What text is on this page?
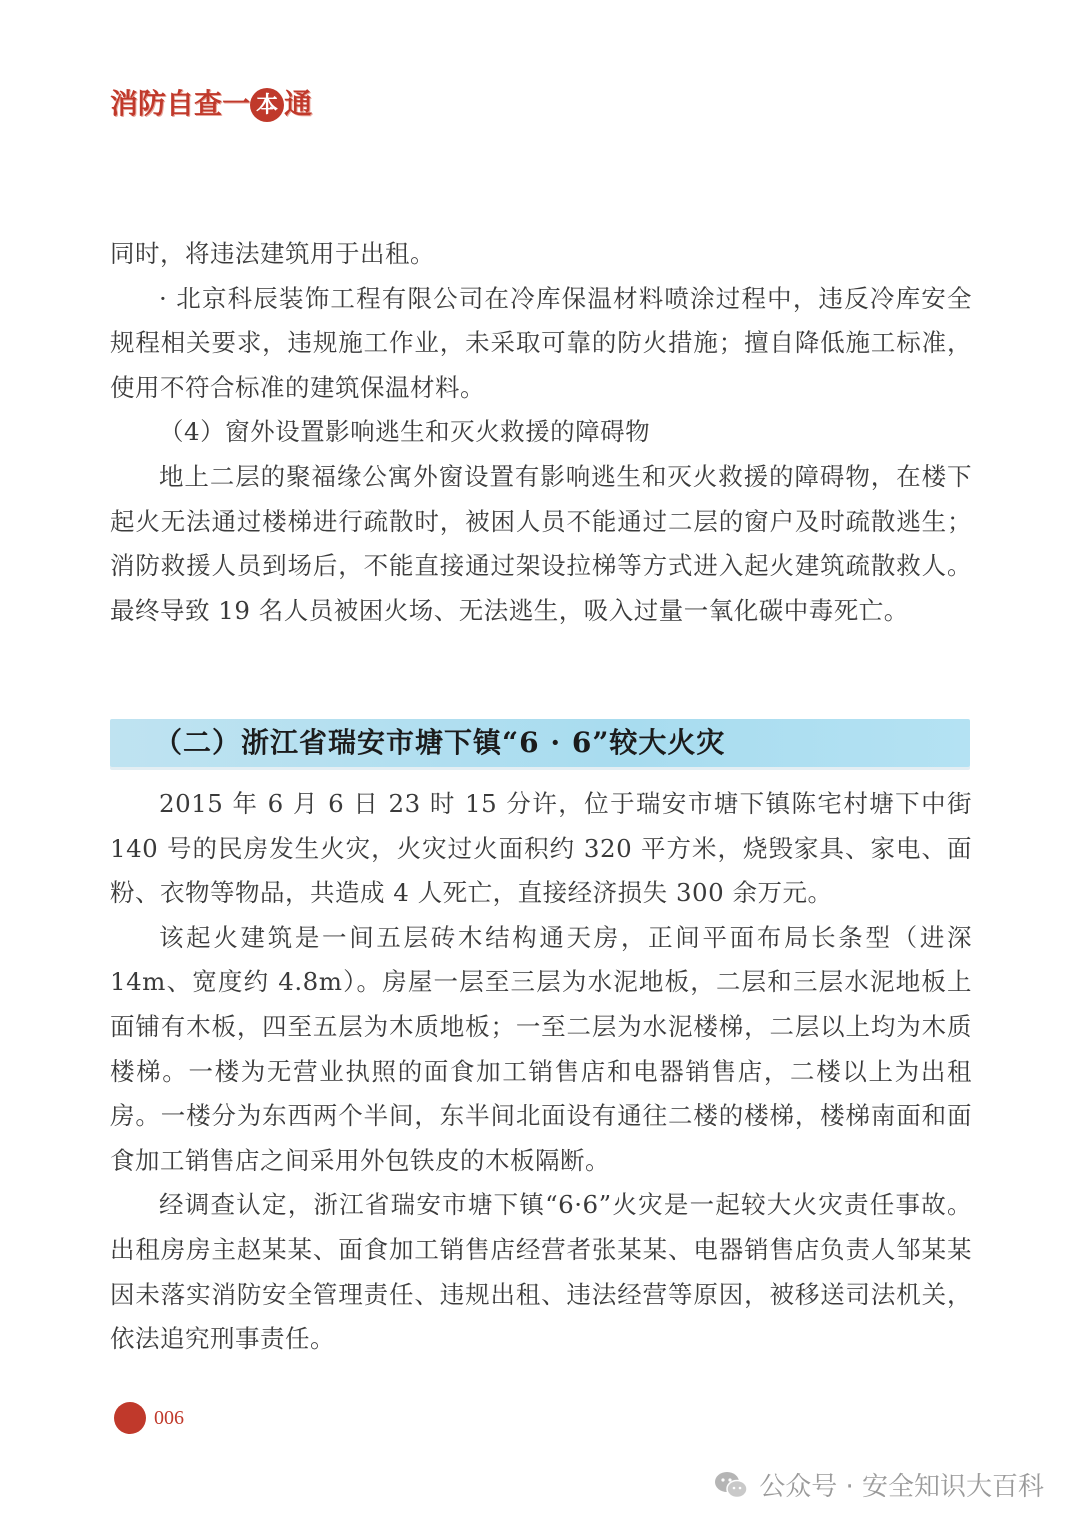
消 防 自 查 一 本 通

同时，将违法建筑用于出租。

· 北京科辰装饰工程有限公司在冷库保温材料喷涂过程中，违反冷库安全规程相关要求，违规施工作业，未采取可靠的防火措施；擅自降低施工标准，使用不符合标准的建筑保温材料。

（4）窗外设置影响逃生和灭火救援的障碍物

地上二层的聚福缘公寓外窗设置有影响逃生和灭火救援的障碍物，在楼下起火无法通过楼梯进行疏散时，被困人员不能通过二层的窗户及时疏散逃生；消防救援人员到场后，不能直接通过架设拉梯等方式进入起火建筑疏散救人。最终导致 19 名人员被困火场、无法逃生，吸入过量一氧化碳中毒死亡。

（二）浙江省瑞安市塘下镇“6 · 6”较大火灾

2015 年 6 月 6 日 23 时 15 分许，位于瑞安市塘下镇陈宅村塘下中街 140 号的民房发生火灾，火灾过火面积约 320 平方米，烧毁家具、家电、面粉、衣物等物品，共造成 4 人死亡，直接经济损失 300 余万元。

该起火建筑是一间五层砖木结构通天房，正间平面布局长条型（进深 14m、宽度约 4.8m）。房屋一层至三层为水泥地板，二层和三层水泥地板上面铺有木板，四至五层为木质地板；一至二层为水泥楼梯，二层以上均为木质楼梯。一楼为无营业执照的面食加工销售店和电器销售店，二楼以上为出租房。一楼分为东西两个半间，东半间北面设有通往二楼的楼梯，楼梯南面和面食加工销售店之间采用外包铁皮的木板隔断。

经调查认定，浙江省瑞安市塘下镇“6·6”火灾是一起较大火灾责任事故。出租房房主赵某某、面食加工销售店经营者张某某、电器销售店负责人邹某某因未落实消防安全管理责任、违规出租、违法经营等原因，被移送司法机关，依法追究刑事责任。

006
公众号 · 安全知识大百科
